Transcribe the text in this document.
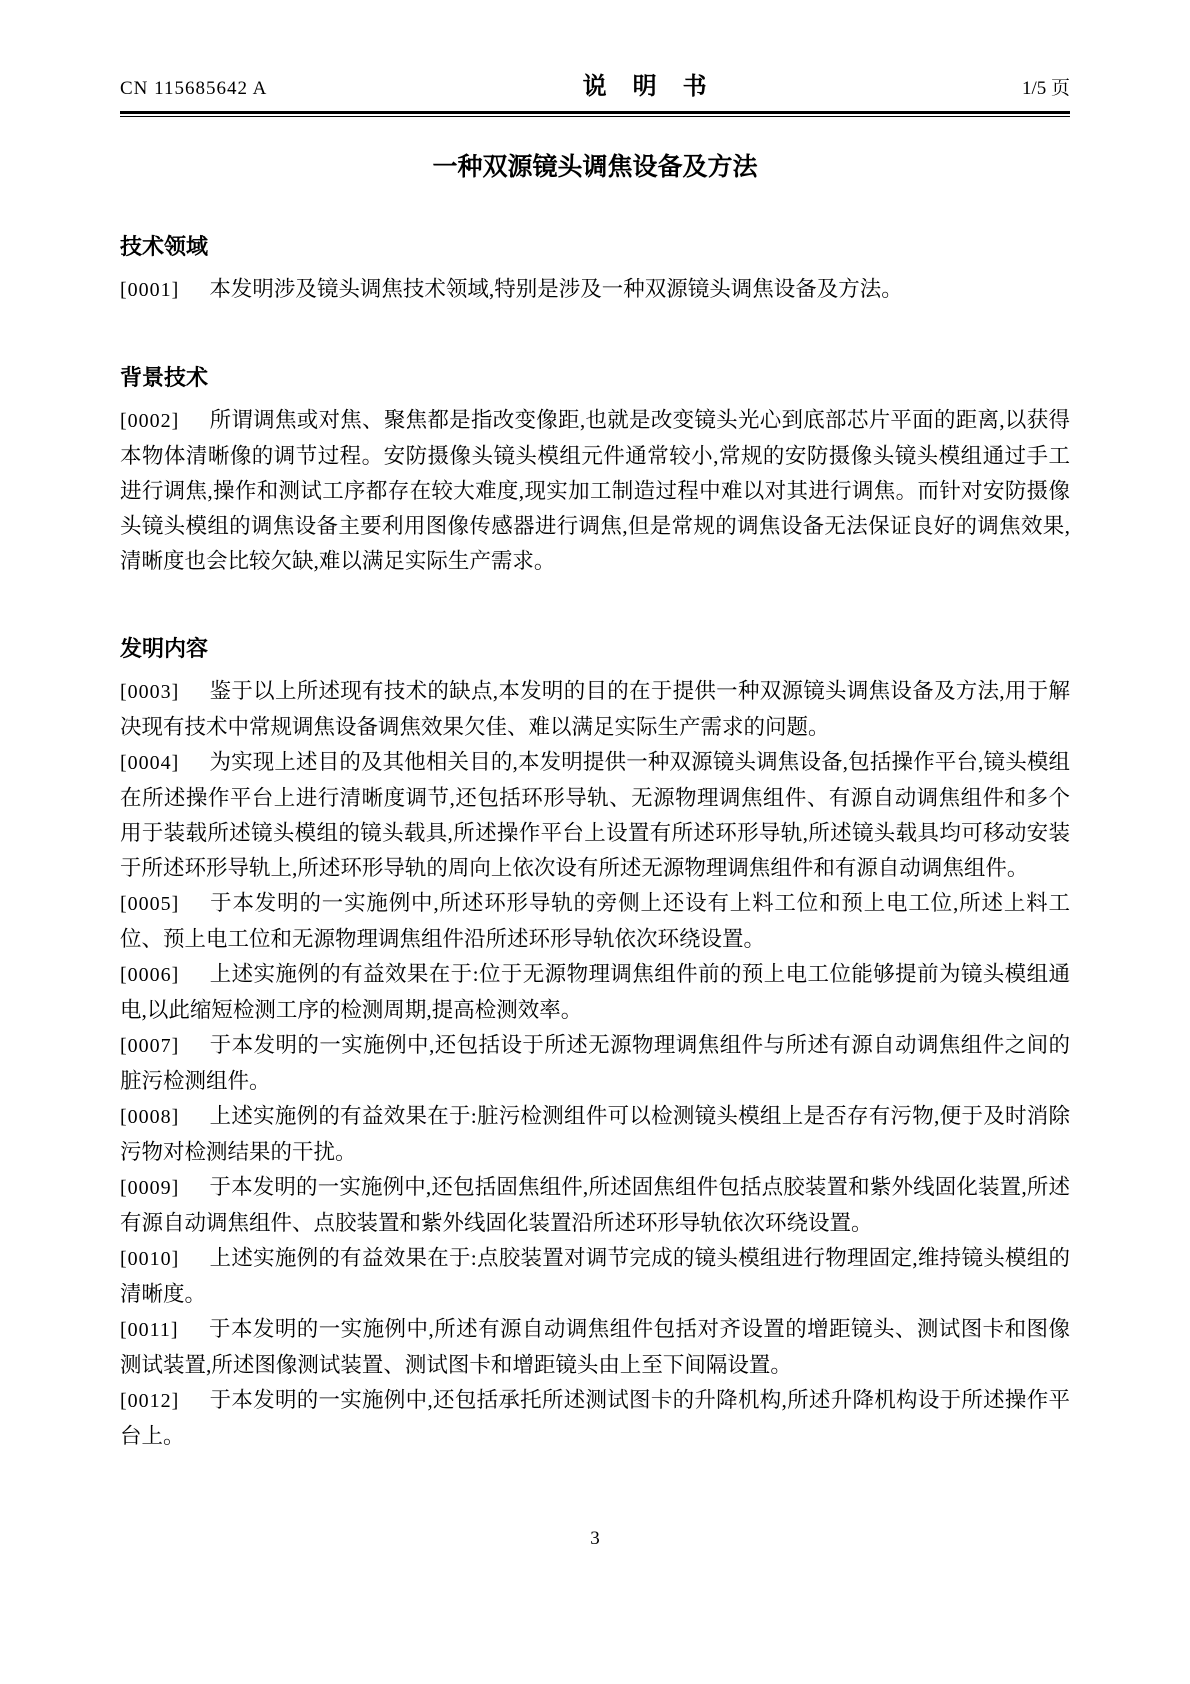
CN 115685642 A	说明书	1/5 页
一种双源镜头调焦设备及方法
技术领域

[0001] 本发明涉及镜头调焦技术领域,特别是涉及一种双源镜头调焦设备及方法。

背景技术

[0002] 所谓调焦或对焦、聚焦都是指改变像距,也就是改变镜头光心到底部芯片平面的距离,以获得本物体清晰像的调节过程。安防摄像头镜头模组元件通常较小,常规的安防摄像头镜头模组通过手工进行调焦,操作和测试工序都存在较大难度,现实加工制造过程中难以对其进行调焦。而针对安防摄像头镜头模组的调焦设备主要利用图像传感器进行调焦,但是常规的调焦设备无法保证良好的调焦效果,清晰度也会比较欠缺,难以满足实际生产需求。

发明内容

[0003] 鉴于以上所述现有技术的缺点,本发明的目的在于提供一种双源镜头调焦设备及方法,用于解决现有技术中常规调焦设备调焦效果欠佳、难以满足实际生产需求的问题。

[0004] 为实现上述目的及其他相关目的,本发明提供一种双源镜头调焦设备,包括操作平台,镜头模组在所述操作平台上进行清晰度调节,还包括环形导轨、无源物理调焦组件、有源自动调焦组件和多个用于装载所述镜头模组的镜头载具,所述操作平台上设置有所述环形导轨,所述镜头载具均可移动安装于所述环形导轨上,所述环形导轨的周向上依次设有所述无源物理调焦组件和有源自动调焦组件。

[0005] 于本发明的一实施例中,所述环形导轨的旁侧上还设有上料工位和预上电工位,所述上料工位、预上电工位和无源物理调焦组件沿所述环形导轨依次环绕设置。

[0006] 上述实施例的有益效果在于:位于无源物理调焦组件前的预上电工位能够提前为镜头模组通电,以此缩短检测工序的检测周期,提高检测效率。

[0007] 于本发明的一实施例中,还包括设于所述无源物理调焦组件与所述有源自动调焦组件之间的脏污检测组件。

[0008] 上述实施例的有益效果在于:脏污检测组件可以检测镜头模组上是否存有污物,便于及时消除污物对检测结果的干扰。

[0009] 于本发明的一实施例中,还包括固焦组件,所述固焦组件包括点胶装置和紫外线固化装置,所述有源自动调焦组件、点胶装置和紫外线固化装置沿所述环形导轨依次环绕设置。

[0010] 上述实施例的有益效果在于:点胶装置对调节完成的镜头模组进行物理固定,维持镜头模组的清晰度。

[0011] 于本发明的一实施例中,所述有源自动调焦组件包括对齐设置的增距镜头、测试图卡和图像测试装置,所述图像测试装置、测试图卡和增距镜头由上至下间隔设置。

[0012] 于本发明的一实施例中,还包括承托所述测试图卡的升降机构,所述升降机构设于所述操作平台上。

3
